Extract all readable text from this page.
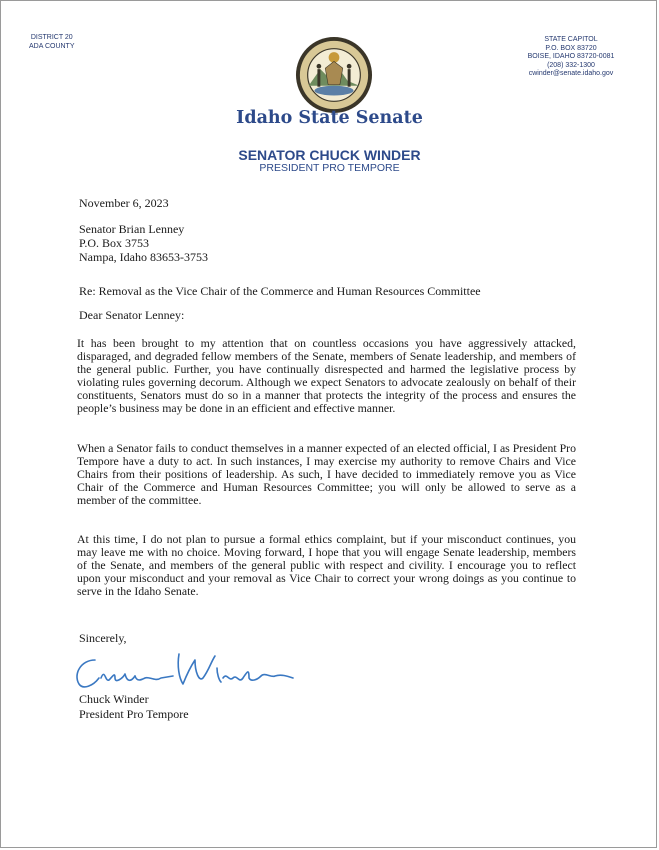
DISTRICT 20
ADA COUNTY
STATE CAPITOL
P.O. BOX 83720
BOISE, IDAHO 83720-0081
(208) 332-1300
cwinder@senate.idaho.gov
Idaho State Senate
SENATOR CHUCK WINDER
PRESIDENT PRO TEMPORE
November 6, 2023
Senator Brian Lenney
P.O. Box 3753
Nampa, Idaho 83653-3753
Re: Removal as the Vice Chair of the Commerce and Human Resources Committee
Dear Senator Lenney:
It has been brought to my attention that on countless occasions you have aggressively attacked, disparaged, and degraded fellow members of the Senate, members of Senate leadership, and members of the general public. Further, you have continually disrespected and harmed the legislative process by violating rules governing decorum. Although we expect Senators to advocate zealously on behalf of their constituents, Senators must do so in a manner that protects the integrity of the process and ensures the people’s business may be done in an efficient and effective manner.
When a Senator fails to conduct themselves in a manner expected of an elected official, I as President Pro Tempore have a duty to act. In such instances, I may exercise my authority to remove Chairs and Vice Chairs from their positions of leadership. As such, I have decided to immediately remove you as Vice Chair of the Commerce and Human Resources Committee; you will only be allowed to serve as a member of the committee.
At this time, I do not plan to pursue a formal ethics complaint, but if your misconduct continues, you may leave me with no choice. Moving forward, I hope that you will engage Senate leadership, members of the Senate, and members of the general public with respect and civility. I encourage you to reflect upon your misconduct and your removal as Vice Chair to correct your wrong doings as you continue to serve in the Idaho Senate.
Sincerely,
Chuck Winder
President Pro Tempore
